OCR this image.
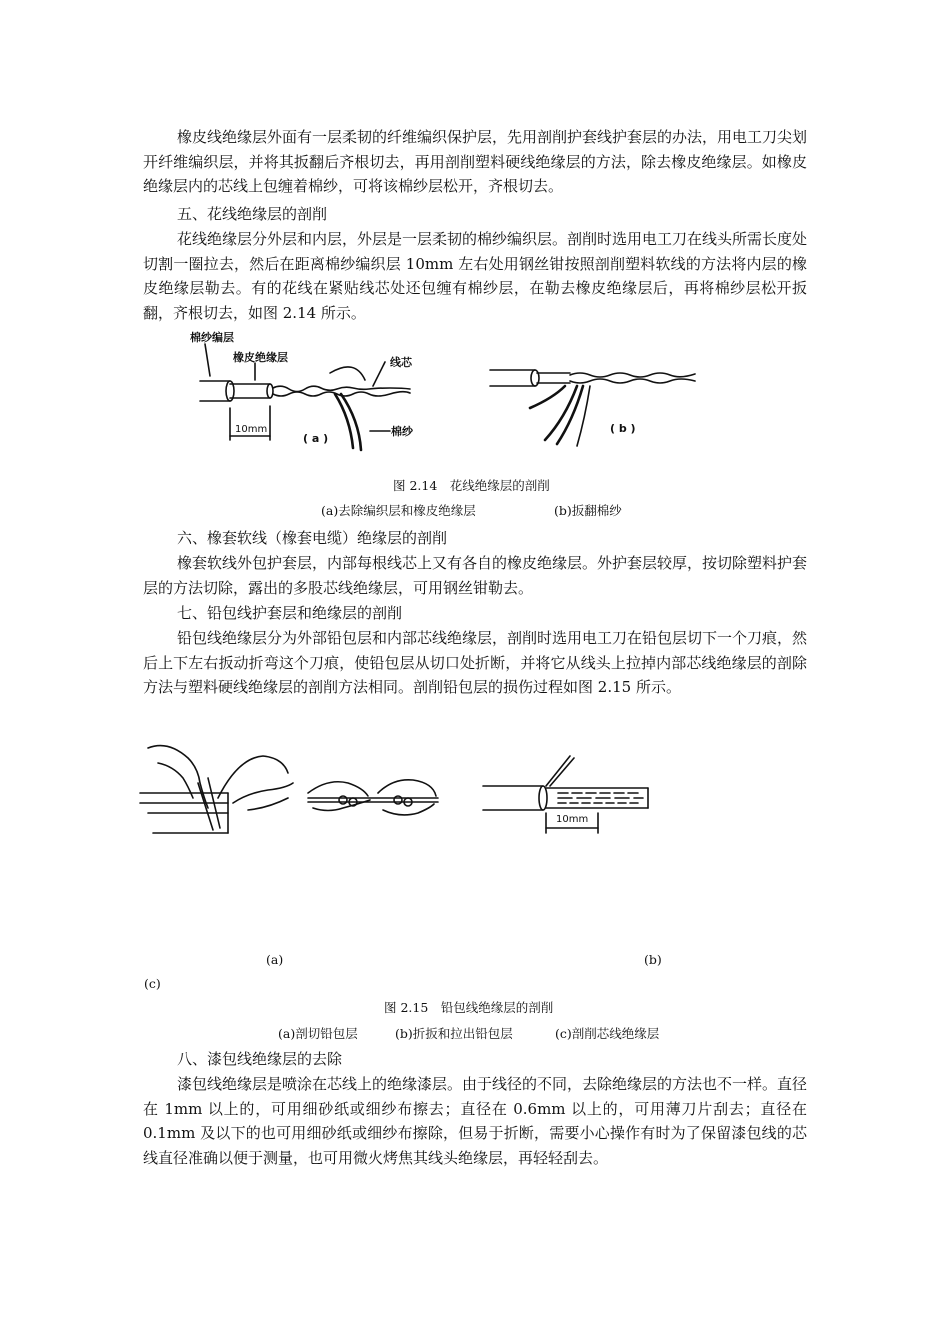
橡皮线绝缘层外面有一层柔韧的纤维编织保护层，先用剖削护套线护套层的办法，用电工刀尖划开纤维编织层，并将其扳翻后齐根切去，再用剖削塑料硬线绝缘层的方法，除去橡皮绝缘层。如橡皮绝缘层内的芯线上包缠着棉纱，可将该棉纱层松开，齐根切去。

五、花线绝缘层的剖削

花线绝缘层分外层和内层，外层是一层柔韧的棉纱编织层。剖削时选用电工刀在线头所需长度处切割一圈拉去，然后在距离棉纱编织层 10mm 左右处用钢丝钳按照剖削塑料软线的方法将内层的橡皮绝缘层勒去。有的花线在紧贴线芯处还包缠有棉纱层，在勒去橡皮绝缘层后，再将棉纱层松开扳翻，齐根切去，如图 2.14 所示。

棉纱编层
橡皮绝缘层	线芯
10mm
( a )
棉纱	( b )

图 2.14　花线绝缘层的剖削

(a)去除编织层和橡皮绝缘层	(b)扳翻棉纱

六、橡套软线（橡套电缆）绝缘层的剖削

橡套软线外包护套层，内部每根线芯上又有各自的橡皮绝缘层。外护套层较厚，按切除塑料护套层的方法切除，露出的多股芯线绝缘层，可用钢丝钳勒去。

七、铅包线护套层和绝缘层的剖削

铅包线绝缘层分为外部铅包层和内部芯线绝缘层，剖削时选用电工刀在铅包层切下一个刀痕，然后上下左右扳动折弯这个刀痕，使铅包层从切口处折断，并将它从线头上拉掉内部芯线绝缘层的剖除方法与塑料硬线绝缘层的剖削方法相同。剖削铅包层的损伤过程如图 2.15 所示。

10mm

(a)	(b)

(c)

图 2.15　铅包线绝缘层的剖削

(a)剖切铅包层	(b)折扳和拉出铅包层	(c)剖削芯线绝缘层

八、漆包线绝缘层的去除

漆包线绝缘层是喷涂在芯线上的绝缘漆层。由于线径的不同，去除绝缘层的方法也不一样。直径在 1mm 以上的，可用细砂纸或细纱布擦去；直径在 0.6mm 以上的，可用薄刀片刮去；直径在 0.1mm 及以下的也可用细砂纸或细纱布擦除，但易于折断，需要小心操作有时为了保留漆包线的芯线直径准确以便于测量，也可用微火烤焦其线头绝缘层，再轻轻刮去。
